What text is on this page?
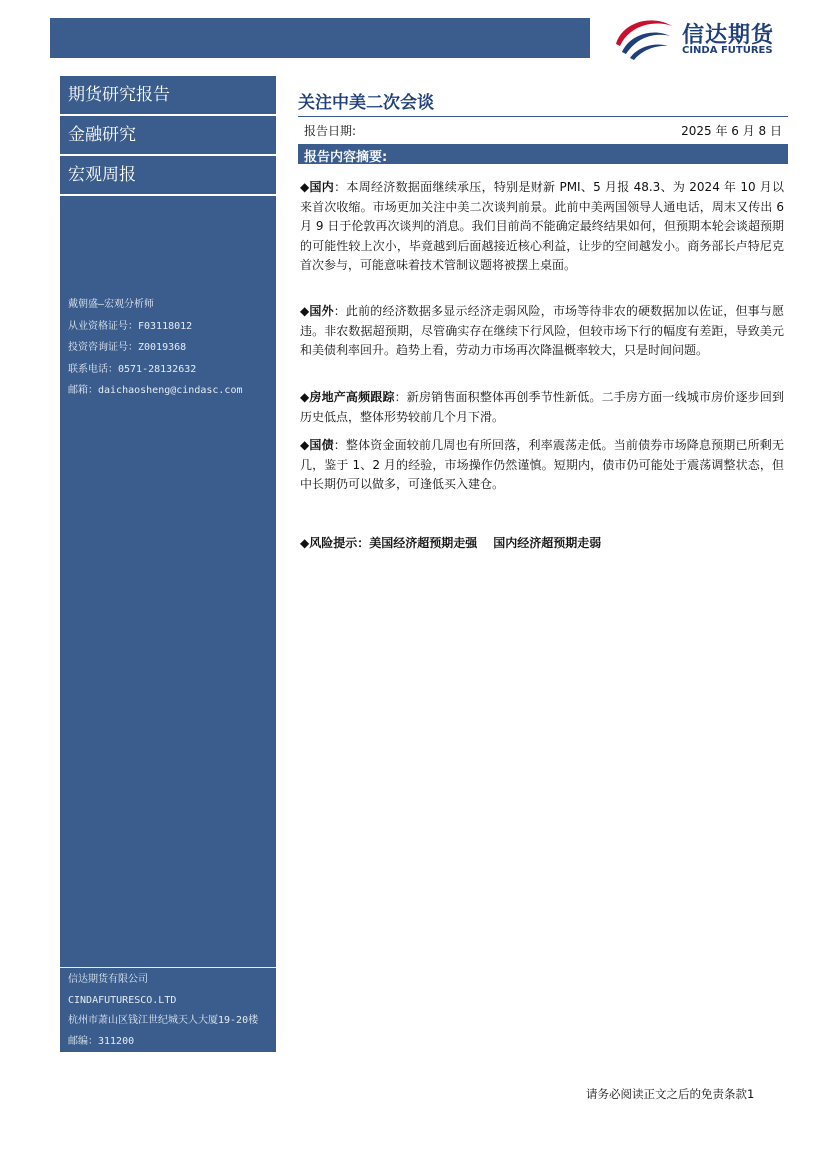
信达期货
CINDA FUTURES
期货研究报告
金融研究
宏观周报
戴朝盛—宏观分析师
从业资格证号：F03118012
投资咨询证号：Z0019368
联系电话：0571-28132632
邮箱：daichaosheng@cindasc.com
信达期货有限公司
CINDAFUTURESCO.LTD
杭州市萧山区钱江世纪城天人大厦19-20楼
邮编：311200
关注中美二次会谈
报告日期:	2025 年 6 月 8 日
报告内容摘要:
◆国内：本周经济数据面继续承压，特别是财新 PMI、5 月报 48.3、为 2024 年 10 月以来首次收缩。市场更加关注中美二次谈判前景。此前中美两国领导人通电话，周末又传出 6 月 9 日于伦敦再次谈判的消息。我们目前尚不能确定最终结果如何，但预期本轮会谈超预期的可能性较上次小，毕竟越到后面越接近核心利益，让步的空间越发小。商务部长卢特尼克首次参与，可能意味着技术管制议题将被摆上桌面。
◆国外：此前的经济数据多显示经济走弱风险，市场等待非农的硬数据加以佐证，但事与愿违。非农数据超预期，尽管确实存在继续下行风险，但较市场下行的幅度有差距，导致美元和美债利率回升。趋势上看，劳动力市场再次降温概率较大，只是时间问题。
◆房地产高频跟踪：新房销售面积整体再创季节性新低。二手房方面一线城市房价逐步回到历史低点，整体形势较前几个月下滑。
◆国债：整体资金面较前几周也有所回落，利率震荡走低。当前债券市场降息预期已所剩无几，鉴于 1、2 月的经验，市场操作仍然谨慎。短期内，债市仍可能处于震荡调整状态，但中长期仍可以做多，可逢低买入建仓。
◆风险提示：美国经济超预期走强 国内经济超预期走弱
请务必阅读正文之后的免责条款1
